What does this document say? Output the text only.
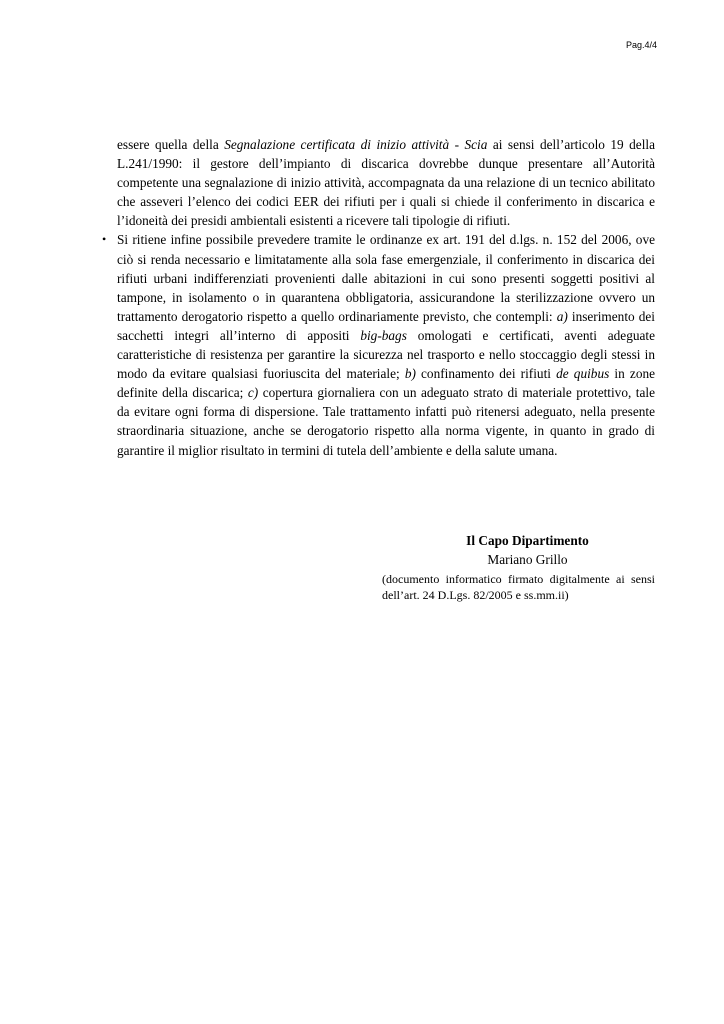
Pag.4/4

essere quella della Segnalazione certificata di inizio attività - Scia ai sensi dell’articolo 19 della L.241/1990: il gestore dell’impianto di discarica dovrebbe dunque presentare all’Autorità competente una segnalazione di inizio attività, accompagnata da una relazione di un tecnico abilitato che asseveri l’elenco dei codici EER dei rifiuti per i quali si chiede il conferimento in discarica e l’idoneità dei presidi ambientali esistenti a ricevere tali tipologie di rifiuti.

• Si ritiene infine possibile prevedere tramite le ordinanze ex art. 191 del d.lgs. n. 152 del 2006, ove ciò si renda necessario e limitatamente alla sola fase emergenziale, il conferimento in discarica dei rifiuti urbani indifferenziati provenienti dalle abitazioni in cui sono presenti soggetti positivi al tampone, in isolamento o in quarantena obbligatoria, assicurandone la sterilizzazione ovvero un trattamento derogatorio rispetto a quello ordinariamente previsto, che contempli: a) inserimento dei sacchetti integri all’interno di appositi big-bags omologati e certificati, aventi adeguate caratteristiche di resistenza per garantire la sicurezza nel trasporto e nello stoccaggio degli stessi in modo da evitare qualsiasi fuoriuscita del materiale; b) confinamento dei rifiuti de quibus in zone definite della discarica; c) copertura giornaliera con un adeguato strato di materiale protettivo, tale da evitare ogni forma di dispersione. Tale trattamento infatti può ritenersi adeguato, nella presente straordinaria situazione, anche se derogatorio rispetto alla norma vigente, in quanto in grado di garantire il miglior risultato in termini di tutela dell’ambiente e della salute umana.

Il Capo Dipartimento
Mariano Grillo
(documento informatico firmato digitalmente ai sensi dell’art. 24 D.Lgs. 82/2005 e ss.mm.ii)
